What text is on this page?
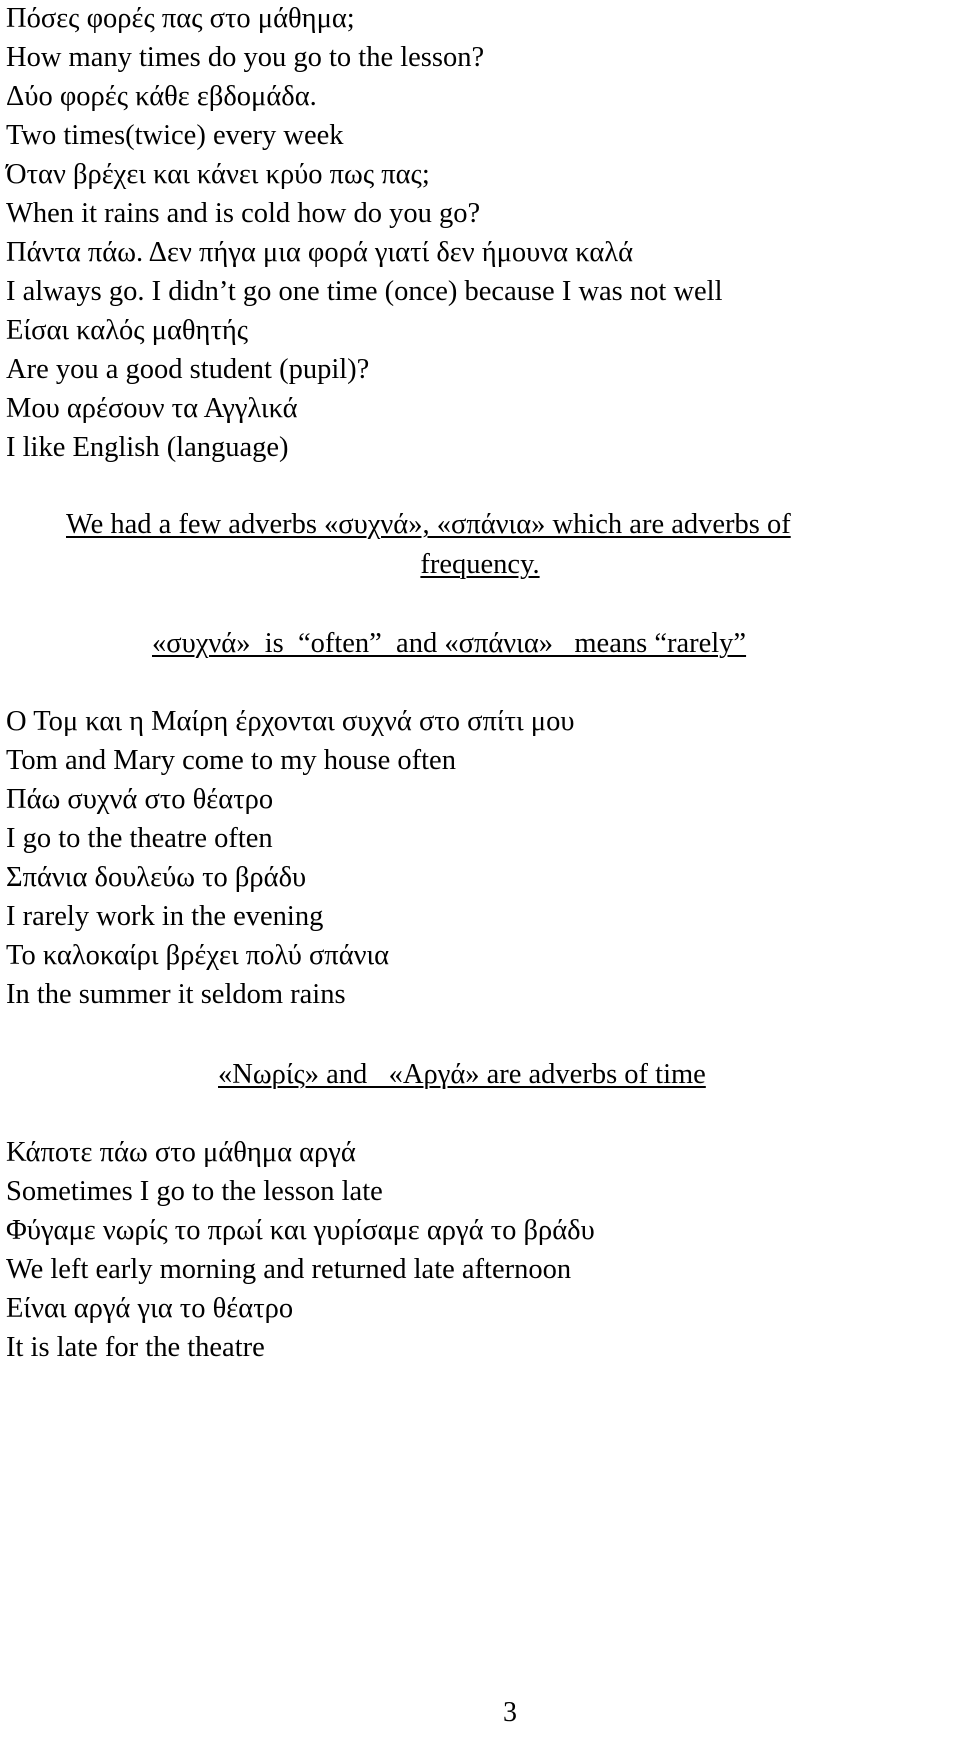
Πόσες φορές πας στο μάθημα;
How many times do you go to the lesson?
Δύο φορές κάθε εβδομάδα.
Two times(twice) every week
Όταν βρέχει και κάνει κρύο πως πας;
When it rains and is cold how do you go?
Πάντα πάω. Δεν πήγα μια φορά γιατί δεν ήμουνα καλά
I always go. I didn’t go one time (once) because I was not well
Είσαι καλός μαθητής
Are you a good student (pupil)?
Μου αρέσουν τα Αγγλικά
I like English (language)
We had a few adverbs «συχνά», «σπάνια» which are adverbs of
frequency.
«συχνά»  is  “often”  and «σπάνια»   means “rarely”
Ο Τομ και η Μαίρη έρχονται συχνά στο σπίτι μου
Tom and Mary come to my house often
Πάω συχνά στο θέατρο
I go to the theatre often
Σπάνια δουλεύω το βράδυ
I rarely work in the evening
Το καλοκαίρι βρέχει πολύ σπάνια
In the summer it seldom rains
«Νωρίς» and   «Αργά» are adverbs of time
Κάποτε πάω στο μάθημα αργά
Sometimes I go to the lesson late
Φύγαμε νωρίς το πρωί και γυρίσαμε αργά το βράδυ
We left early morning and returned late afternoon
Είναι αργά για το θέατρο
It is late for the theatre
3
